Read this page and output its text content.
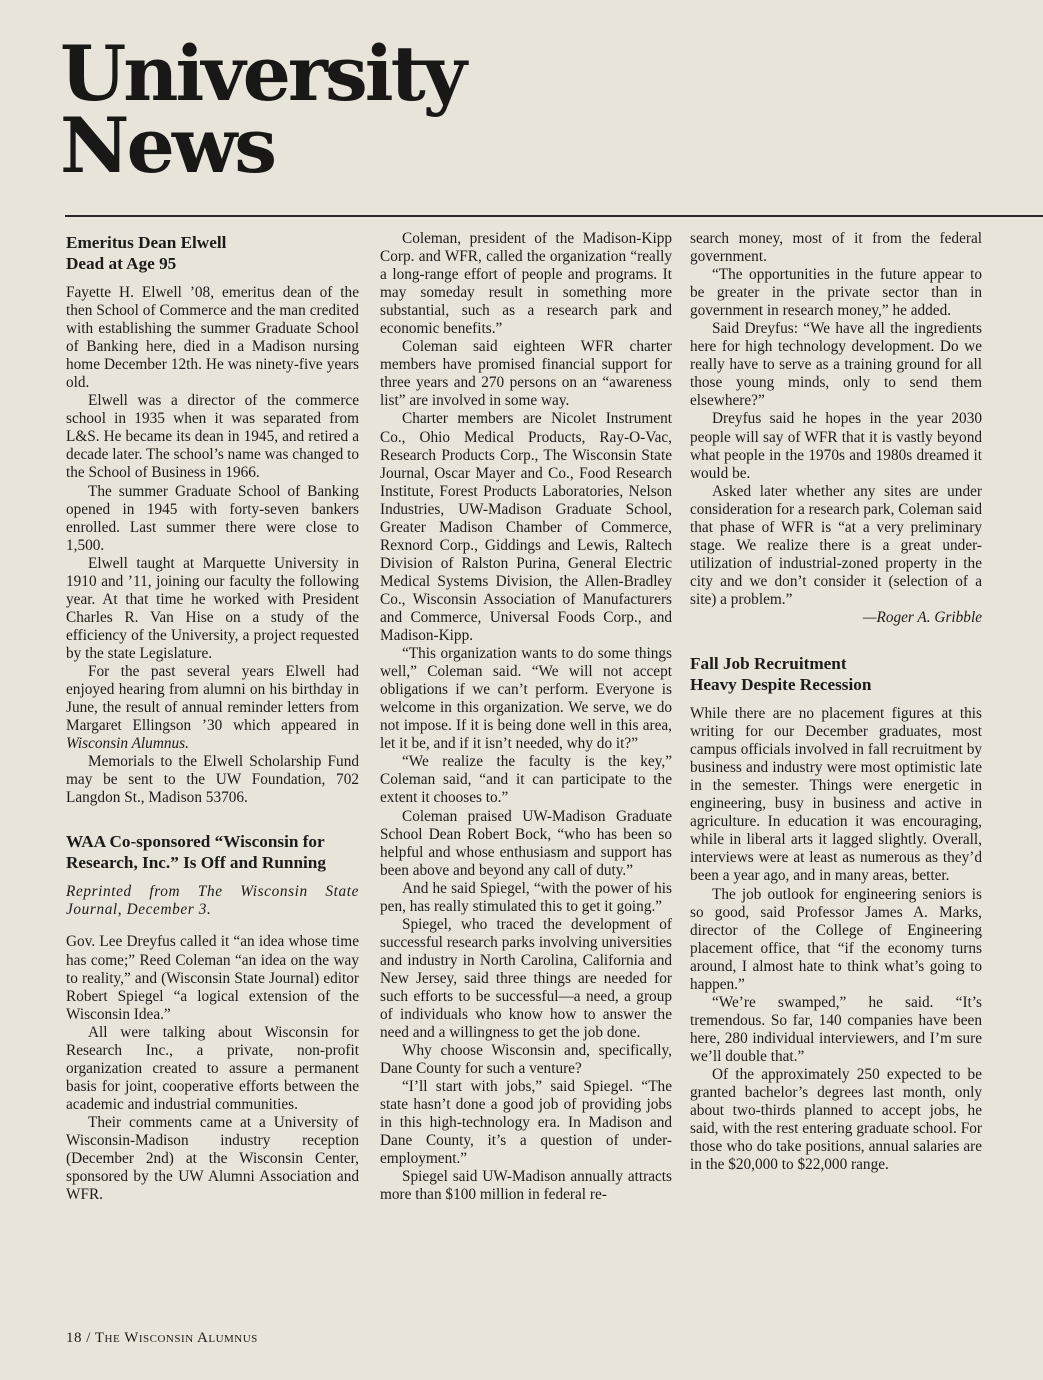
University
News
Emeritus Dean Elwell
Dead at Age 95

Fayette H. Elwell ’08, emeritus dean of the then School of Commerce and the man credited with establishing the summer Graduate School of Banking here, died in a Madison nursing home December 12th. He was ninety-five years old.

Elwell was a director of the commerce school in 1935 when it was separated from L&S. He became its dean in 1945, and retired a decade later. The school’s name was changed to the School of Business in 1966.

The summer Graduate School of Banking opened in 1945 with forty-seven bankers enrolled. Last summer there were close to 1,500.

Elwell taught at Marquette University in 1910 and ’11, joining our faculty the following year. At that time he worked with President Charles R. Van Hise on a study of the efficiency of the University, a project requested by the state Legislature.

For the past several years Elwell had enjoyed hearing from alumni on his birthday in June, the result of annual reminder letters from Margaret Ellingson ’30 which appeared in Wisconsin Alumnus.

Memorials to the Elwell Scholarship Fund may be sent to the UW Foundation, 702 Langdon St., Madison 53706.

WAA Co-sponsored “Wisconsin for
Research, Inc.” Is Off and Running

Reprinted from The Wisconsin State Journal, December 3.

Gov. Lee Dreyfus called it “an idea whose time has come;” Reed Coleman “an idea on the way to reality,” and (Wisconsin State Journal) editor Robert Spiegel “a logical extension of the Wisconsin Idea.”

All were talking about Wisconsin for Research Inc., a private, non-profit organization created to assure a permanent basis for joint, cooperative efforts between the academic and industrial communities.

Their comments came at a University of Wisconsin-Madison industry reception (December 2nd) at the Wisconsin Center, sponsored by the UW Alumni Association and WFR.

Coleman, president of the Madison-Kipp Corp. and WFR, called the organization “really a long-range effort of people and programs. It may someday result in something more substantial, such as a research park and economic benefits.”

Coleman said eighteen WFR charter members have promised financial support for three years and 270 persons on an “awareness list” are involved in some way.

Charter members are Nicolet Instrument Co., Ohio Medical Products, Ray-O-Vac, Research Products Corp., The Wisconsin State Journal, Oscar Mayer and Co., Food Research Institute, Forest Products Laboratories, Nelson Industries, UW-Madison Graduate School, Greater Madison Chamber of Commerce, Rexnord Corp., Giddings and Lewis, Raltech Division of Ralston Purina, General Electric Medical Systems Division, the Allen-Bradley Co., Wisconsin Association of Manufacturers and Commerce, Universal Foods Corp., and Madison-Kipp.

“This organization wants to do some things well,” Coleman said. “We will not accept obligations if we can’t perform. Everyone is welcome in this organization. We serve, we do not impose. If it is being done well in this area, let it be, and if it isn’t needed, why do it?”

“We realize the faculty is the key,” Coleman said, “and it can participate to the extent it chooses to.”

Coleman praised UW-Madison Graduate School Dean Robert Bock, “who has been so helpful and whose enthusiasm and support has been above and beyond any call of duty.”

And he said Spiegel, “with the power of his pen, has really stimulated this to get it going.”

Spiegel, who traced the development of successful research parks involving universities and industry in North Carolina, California and New Jersey, said three things are needed for such efforts to be successful—a need, a group of individuals who know how to answer the need and a willingness to get the job done.

Why choose Wisconsin and, specifically, Dane County for such a venture?

“I’ll start with jobs,” said Spiegel. “The state hasn’t done a good job of providing jobs in this high-technology era. In Madison and Dane County, it’s a question of under-employment.”

Spiegel said UW-Madison annually attracts more than $100 million in federal re-

search money, most of it from the federal government.

“The opportunities in the future appear to be greater in the private sector than in government in research money,” he added.

Said Dreyfus: “We have all the ingredients here for high technology development. Do we really have to serve as a training ground for all those young minds, only to send them elsewhere?”

Dreyfus said he hopes in the year 2030 people will say of WFR that it is vastly beyond what people in the 1970s and 1980s dreamed it would be.

Asked later whether any sites are under consideration for a research park, Coleman said that phase of WFR is “at a very preliminary stage. We realize there is a great under-utilization of industrial-zoned property in the city and we don’t consider it (selection of a site) a problem.”

—Roger A. Gribble

Fall Job Recruitment
Heavy Despite Recession

While there are no placement figures at this writing for our December graduates, most campus officials involved in fall recruitment by business and industry were most optimistic late in the semester. Things were energetic in engineering, busy in business and active in agriculture. In education it was encouraging, while in liberal arts it lagged slightly. Overall, interviews were at least as numerous as they’d been a year ago, and in many areas, better.

The job outlook for engineering seniors is so good, said Professor James A. Marks, director of the College of Engineering placement office, that “if the economy turns around, I almost hate to think what’s going to happen.”

“We’re swamped,” he said. “It’s tremendous. So far, 140 companies have been here, 280 individual interviewers, and I’m sure we’ll double that.”

Of the approximately 250 expected to be granted bachelor’s degrees last month, only about two-thirds planned to accept jobs, he said, with the rest entering graduate school. For those who do take positions, annual salaries are in the $20,000 to $22,000 range.

18 / The Wisconsin Alumnus
